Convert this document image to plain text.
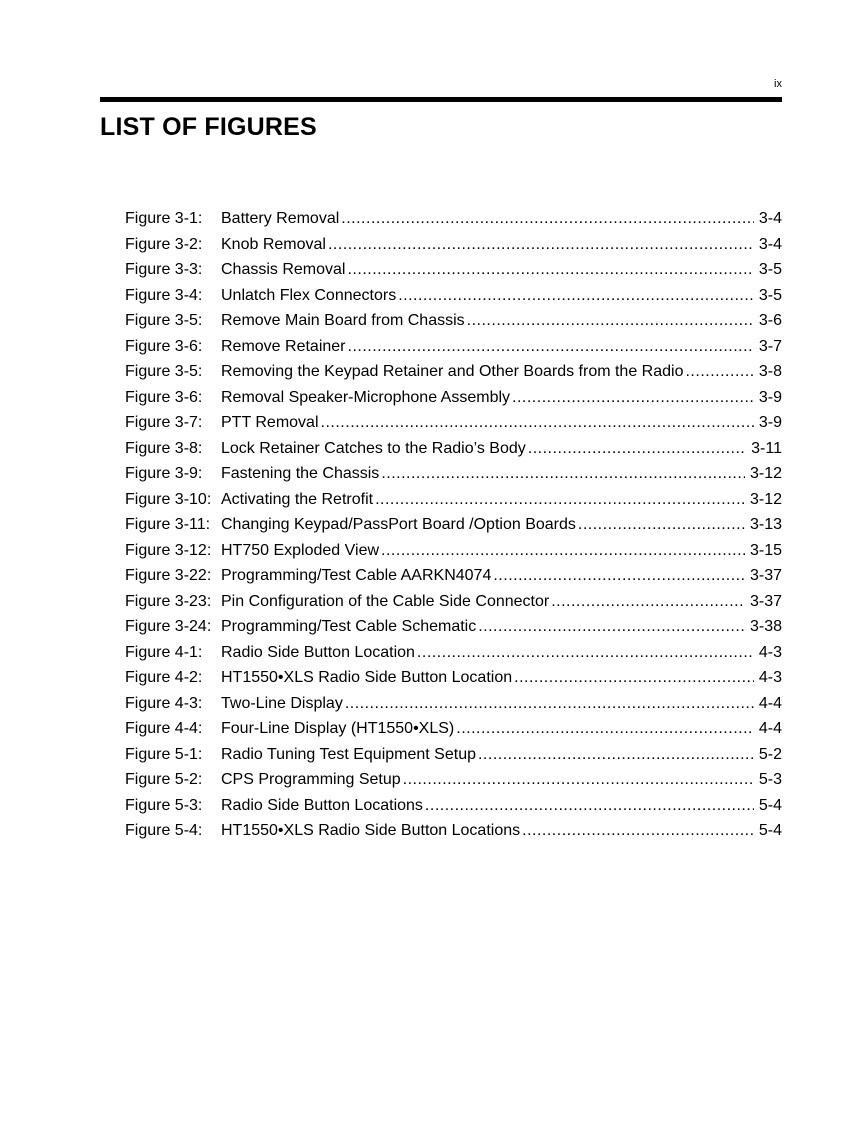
ix
LIST OF FIGURES
Figure 3-1:	Battery Removal .....	3-4
Figure 3-2:	Knob Removal .....	3-4
Figure 3-3:	Chassis Removal .....	3-5
Figure 3-4:	Unlatch Flex Connectors .....	3-5
Figure 3-5:	Remove Main Board from Chassis .....	3-6
Figure 3-6:	Remove Retainer .....	3-7
Figure 3-5:	Removing the Keypad Retainer and Other Boards from the Radio .....	3-8
Figure 3-6:	Removal Speaker-Microphone Assembly .....	3-9
Figure 3-7:	PTT Removal .....	3-9
Figure 3-8:	Lock Retainer Catches to the Radio’s Body .....	3-11
Figure 3-9:	Fastening the Chassis .....	3-12
Figure 3-10: Activating the Retrofit .....	3-12
Figure 3-11: Changing Keypad/PassPort Board /Option Boards .....	3-13
Figure 3-12: HT750 Exploded View .....	3-15
Figure 3-22: Programming/Test Cable AARKN4074 .....	3-37
Figure 3-23: Pin Configuration of the Cable Side Connector .....	3-37
Figure 3-24: Programming/Test Cable Schematic .....	3-38
Figure 4-1:	Radio Side Button Location .....	4-3
Figure 4-2:	HT1550•XLS Radio Side Button Location .....	4-3
Figure 4-3:	Two-Line Display .....	4-4
Figure 4-4:	Four-Line Display (HT1550•XLS) .....	4-4
Figure 5-1:	Radio Tuning Test Equipment Setup .....	5-2
Figure 5-2:	CPS Programming Setup .....	5-3
Figure 5-3:	Radio Side Button Locations .....	5-4
Figure 5-4:	HT1550•XLS Radio Side Button Locations .....	5-4
